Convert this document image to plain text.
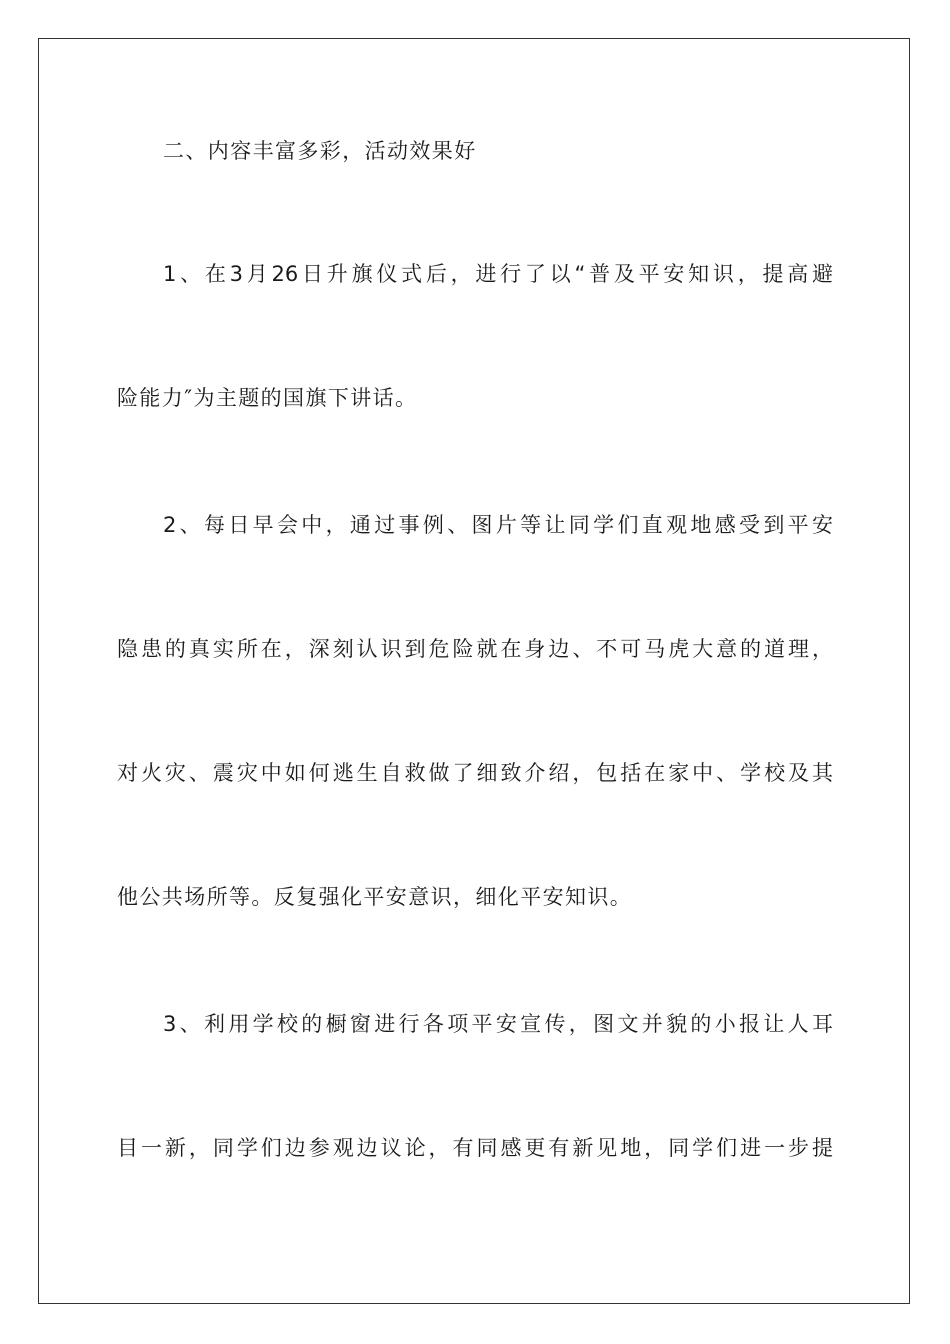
二、内容丰富多彩，活动效果好
1、在3月26日升旗仪式后，进行了以“普及平安知识，提高避
险能力″为主题的国旗下讲话。
2、每日早会中，通过事例、图片等让同学们直观地感受到平安
隐患的真实所在，深刻认识到危险就在身边、不可马虎大意的道理，
对火灾、震灾中如何逃生自救做了细致介绍，包括在家中、学校及其
他公共场所等。反复强化平安意识，细化平安知识。
3、利用学校的橱窗进行各项平安宣传，图文并貌的小报让人耳
目一新，同学们边参观边议论，有同感更有新见地，同学们进一步提
